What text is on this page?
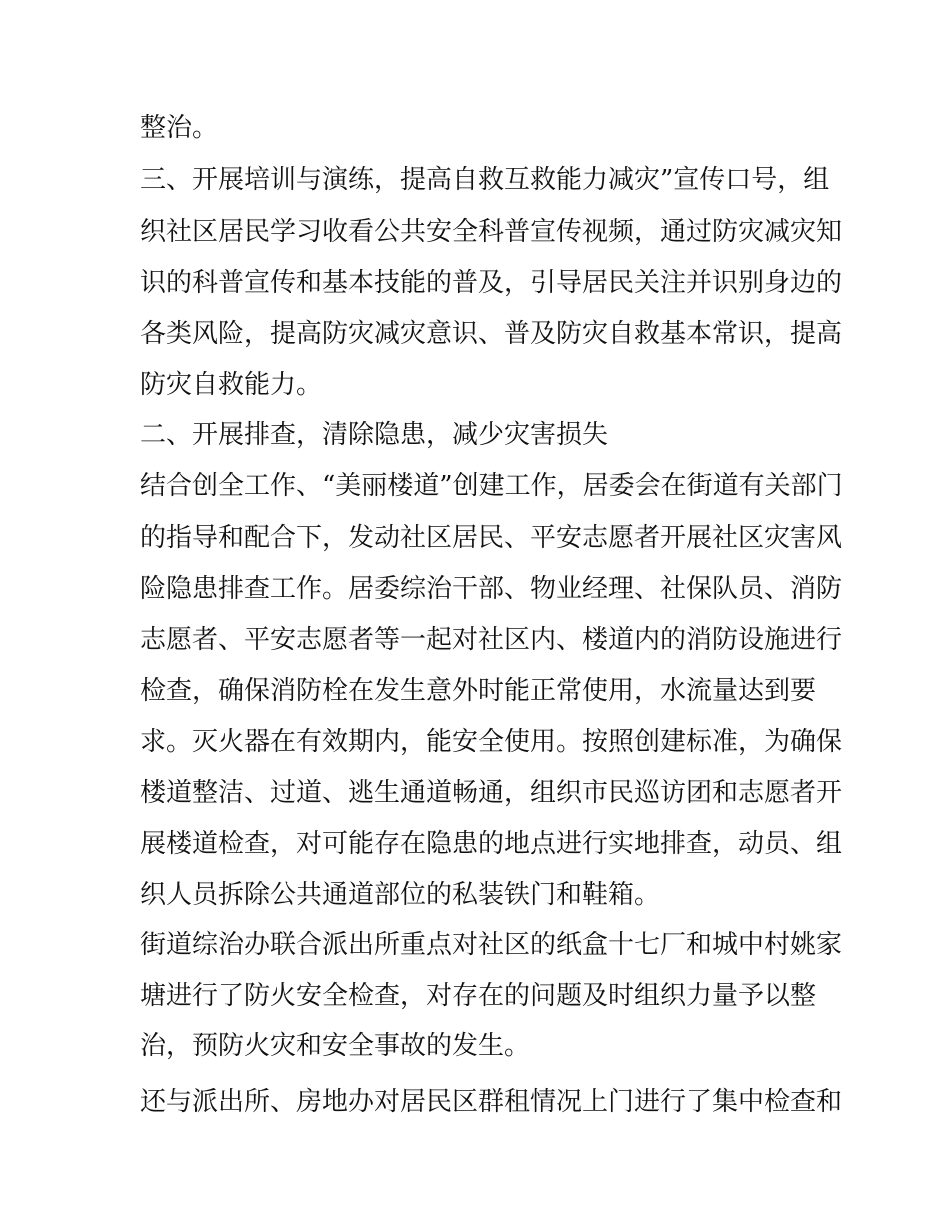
整治。
三、开展培训与演练，提高自救互救能力减灾”宣传口号，组
织社区居民学习收看公共安全科普宣传视频，通过防灾减灾知
识的科普宣传和基本技能的普及，引导居民关注并识别身边的
各类风险，提高防灾减灾意识、普及防灾自救基本常识，提高
防灾自救能力。
二、开展排查，清除隐患，减少灾害损失
结合创全工作、“美丽楼道”创建工作，居委会在街道有关部门
的指导和配合下，发动社区居民、平安志愿者开展社区灾害风
险隐患排查工作。居委综治干部、物业经理、社保队员、消防
志愿者、平安志愿者等一起对社区内、楼道内的消防设施进行
检查，确保消防栓在发生意外时能正常使用，水流量达到要
求。灭火器在有效期内，能安全使用。按照创建标准，为确保
楼道整洁、过道、逃生通道畅通，组织市民巡访团和志愿者开
展楼道检查，对可能存在隐患的地点进行实地排查，动员、组
织人员拆除公共通道部位的私装铁门和鞋箱。
街道综治办联合派出所重点对社区的纸盒十七厂和城中村姚家
塘进行了防火安全检查，对存在的问题及时组织力量予以整
治，预防火灾和安全事故的发生。
还与派出所、房地办对居民区群租情况上门进行了集中检查和
